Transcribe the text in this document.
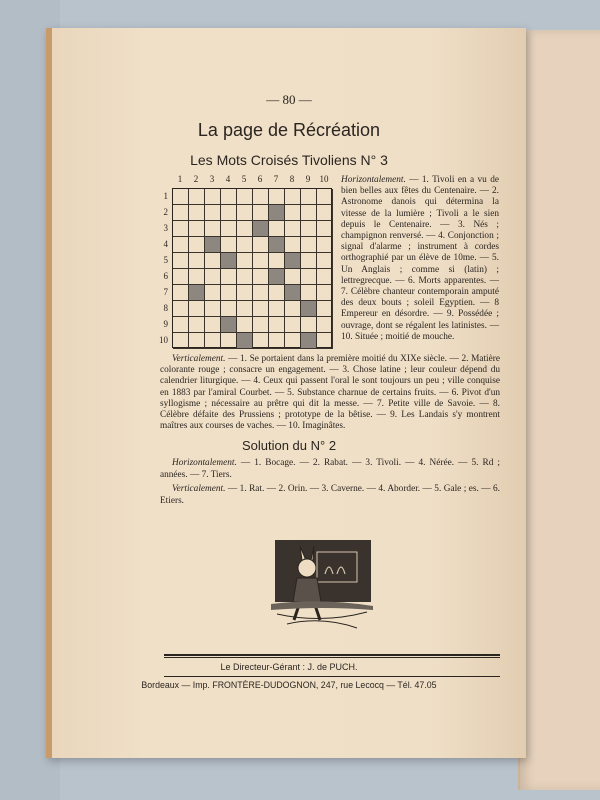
— 80 —
La page de Récréation
Les Mots Croisés Tivoliens N° 3
1	2	3	4	5	6	7	8	9	10
1
2
3
4
5
6
7
8
9
10
Horizontalement. — 1. Tivoli en a vu de bien belles aux fêtes du Centenaire. — 2. Astronome danois qui détermina la vitesse de la lumière ; Tivoli a le sien depuis le Centenaire. — 3. Nés ; champignon renversé. — 4. Conjonction ; signal d'alarme ; instrument à cordes orthographié par un élève de 10me. — 5. Un Anglais ; comme si (latin) ; lettregrecque. — 6. Morts apparentes. — 7. Célèbre chanteur contemporain amputé des deux bouts ; soleil Egyptien. — 8 Empereur en désordre. — 9. Possédée ; ouvrage, dont se régalent les latinistes. — 10. Située ; moitié de mouche.
Verticalement. — 1. Se portaient dans la première moitié du XIXe siècle. — 2. Matière colorante rouge ; consacre un engagement. — 3. Chose latine ; leur couleur dépend du calendrier liturgique. — 4. Ceux qui passent l'oral le sont toujours un peu ; ville conquise en 1883 par l'amiral Courbet. — 5. Substance charnue de certains fruits. — 6. Pivot d'un syllogisme ; nécessaire au prêtre qui dit la messe. — 7. Petite ville de Savoie. — 8. Célèbre défaite des Prussiens ; prototype de la bêtise. — 9. Les Landais s'y montrent maîtres aux courses de vaches. — 10. Imaginâtes.
Solution du N° 2
Horizontalement. — 1. Bocage. — 2. Rabat. — 3. Tivoli. — 4. Nérée. — 5. Rd ; années. — 7. Tiers.
Verticalement. — 1. Rat. — 2. Orin. — 3. Caverne. — 4. Aborder. — 5. Gale ; es. — 6. Etiers.
Le Directeur-Gérant : J. de PUCH.
Bordeaux — Imp. FRONTÈRE-DUDOGNON, 247, rue Lecocq — Tél. 47.05
